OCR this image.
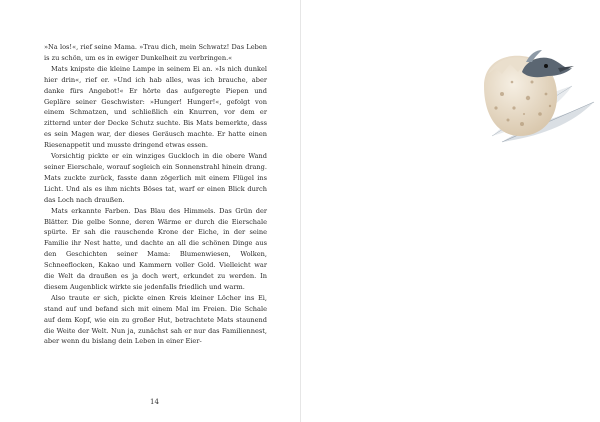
»Na los!«, rief seine Mama. »Trau dich, mein Schwatz! Das Leben is zu schön, um es in ewiger Dunkelheit zu verbringen.«

Mats knipste die kleine Lampe in seinem Ei an. »Is nich dunkel hier drin«, rief er. »Und ich hab alles, was ich brauche, aber danke fürs Angebot!« Er hörte das aufgeregte Piepen und Gepläre seiner Geschwister: »Hunger! Hunger!«, gefolgt von einem Schmatzen, und schließlich ein Knurren, vor dem er zitternd unter der Decke Schutz suchte. Bis Mats bemerkte, dass es sein Magen war, der dieses Geräusch machte. Er hatte einen Riesenappetit und musste dringend etwas essen.

Vorsichtig pickte er ein winziges Guckloch in die obere Wand seiner Eierschale, worauf sogleich ein Sonnenstrahl hinein drang. Mats zuckte zurück, fasste dann zögerlich mit einem Flügel ins Licht. Und als es ihm nichts Böses tat, warf er einen Blick durch das Loch nach draußen.

Mats erkannte Farben. Das Blau des Himmels. Das Grün der Blätter. Die gelbe Sonne, deren Wärme er durch die Eierschale spürte. Er sah die rauschende Krone der Eiche, in der seine Familie ihr Nest hatte, und dachte an all die schönen Dinge aus den Geschichten seiner Mama: Blumenwiesen, Wolken, Schneeflocken, Kakao und Kammern voller Gold. Vielleicht war die Welt da draußen es ja doch wert, erkundet zu werden. In diesem Augenblick wirkte sie jedenfalls friedlich und warm.

Also traute er sich, pickte einen Kreis kleiner Löcher ins Ei, stand auf und befand sich mit einem Mal im Freien. Die Schale auf dem Kopf, wie ein zu großer Hut, betrachtete Mats staunend die Weite der Welt. Nun ja, zunächst sah er nur das Familiennest, aber wenn du bislang dein Leben in einer Eier-

14
